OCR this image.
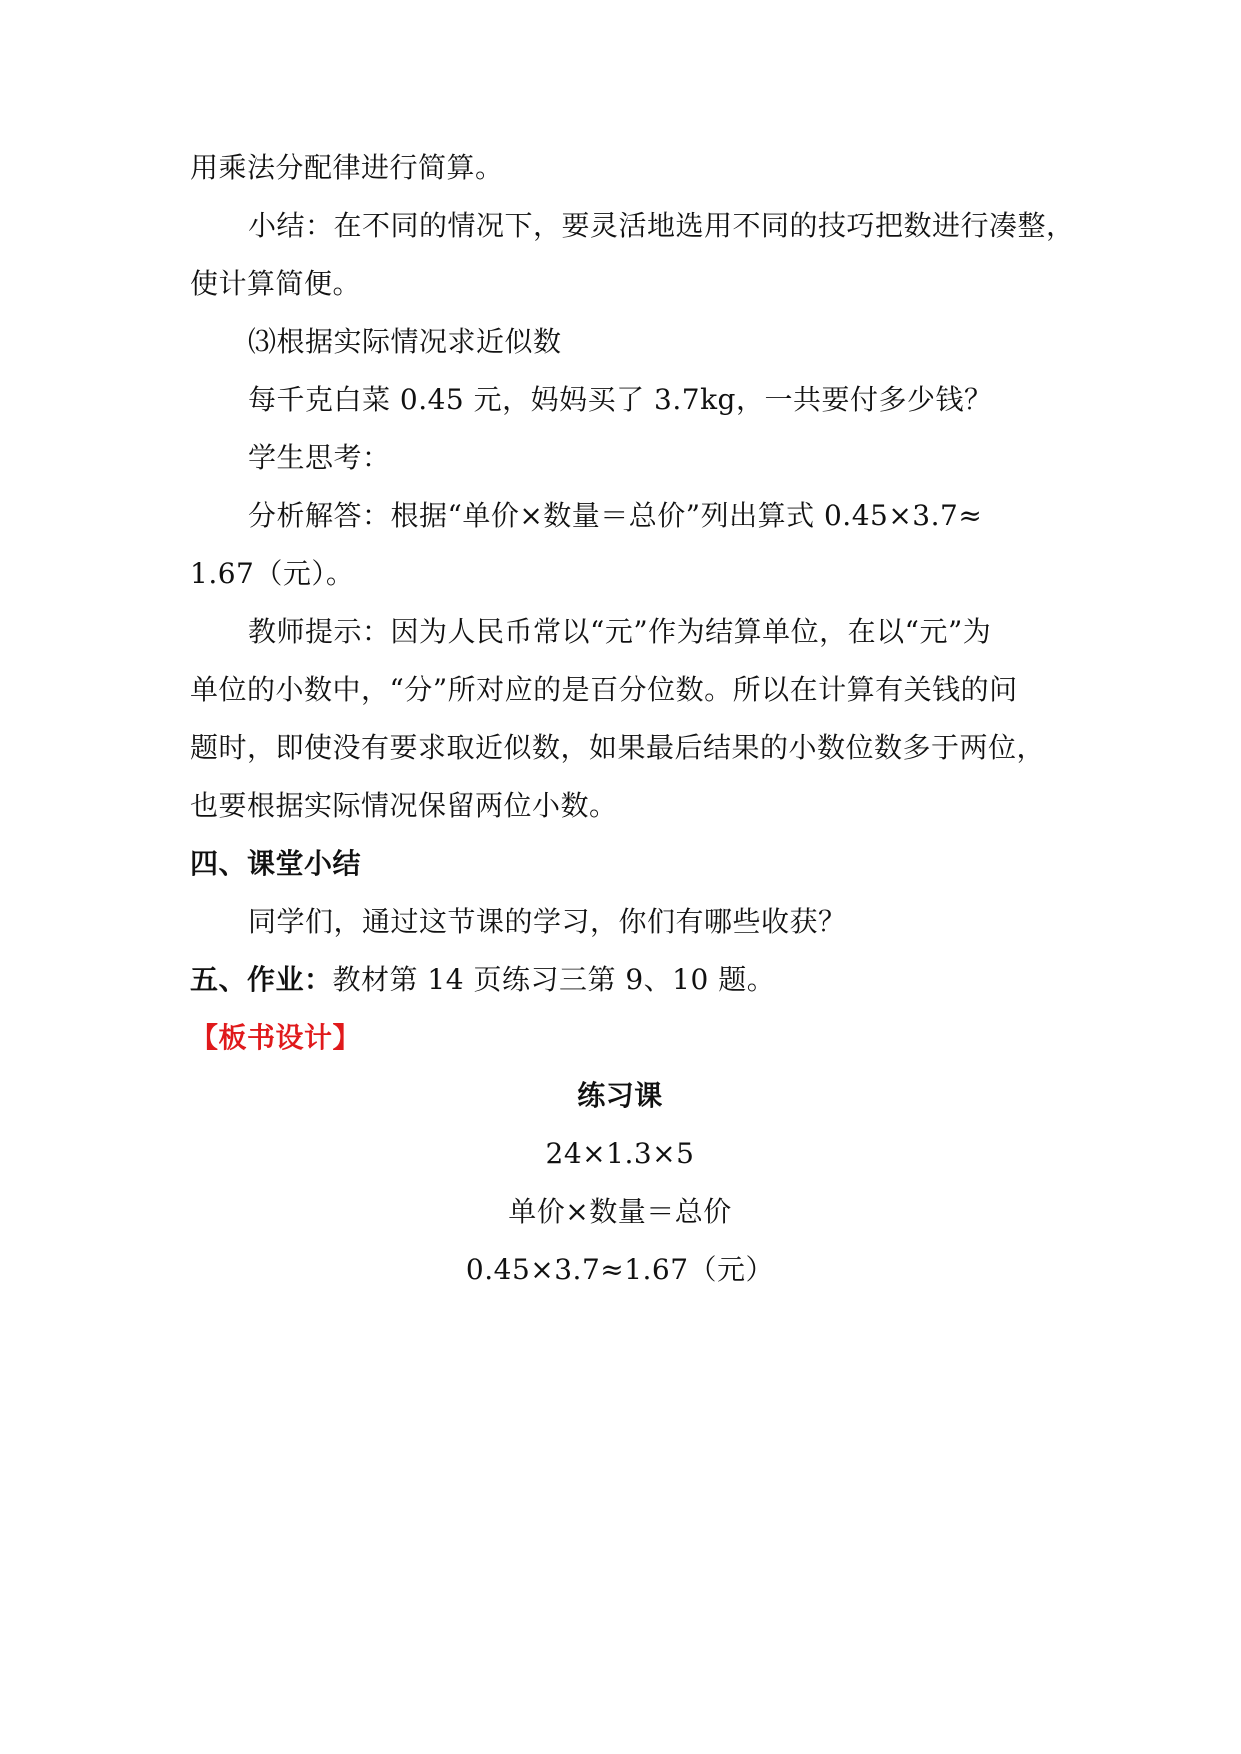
用乘法分配律进行简算。
小结：在不同的情况下，要灵活地选用不同的技巧把数进行凑整，
使计算简便。
⑶根据实际情况求近似数
每千克白菜 0.45 元，妈妈买了 3.7kg，一共要付多少钱？
学生思考：
分析解答：根据“单价×数量＝总价”列出算式 0.45×3.7≈
1.67（元）。
教师提示：因为人民币常以“元”作为结算单位，在以“元”为
单位的小数中，“分”所对应的是百分位数。所以在计算有关钱的问
题时，即使没有要求取近似数，如果最后结果的小数位数多于两位，
也要根据实际情况保留两位小数。
四、课堂小结
同学们，通过这节课的学习，你们有哪些收获？
五、作业：教材第 14 页练习三第 9、10 题。
【板书设计】
练习课
24×1.3×5
单价×数量＝总价
0.45×3.7≈1.67（元）
